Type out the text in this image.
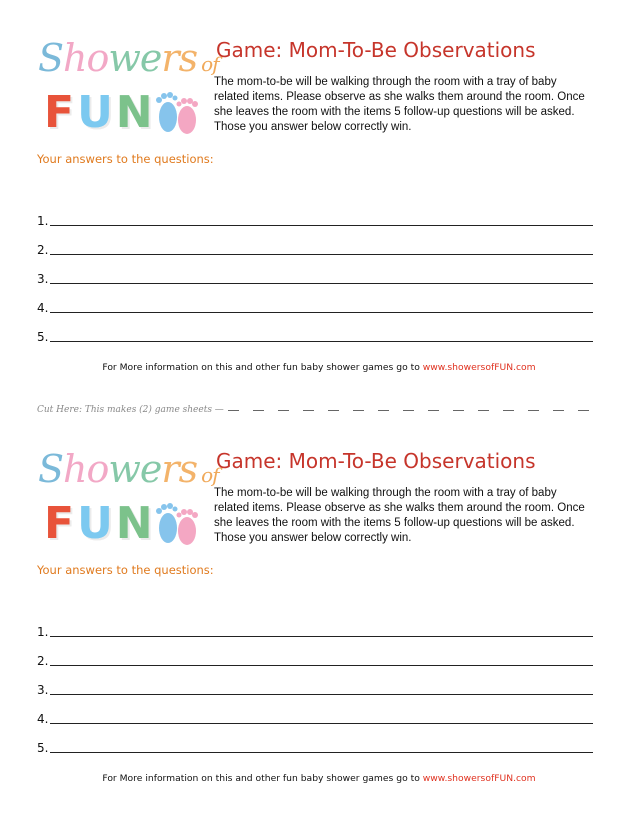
Showers of
FUN
Game: Mom-To-Be Observations

The mom-to-be will be walking through the room with a tray of baby related items. Please observe as she walks them around the room. Once she leaves the room with the items 5 follow-up questions will be asked. Those you answer below correctly win.

Your answers to the questions:

1.
2.
3.
4.
5.

For More information on this and other fun baby shower games go to www.showersofFUN.com

Cut Here: This makes (2) game sheets —
Showers of
FUN
Game: Mom-To-Be Observations

The mom-to-be will be walking through the room with a tray of baby related items. Please observe as she walks them around the room. Once she leaves the room with the items 5 follow-up questions will be asked. Those you answer below correctly win.

Your answers to the questions:

1.
2.
3.
4.
5.

For More information on this and other fun baby shower games go to www.showersofFUN.com
